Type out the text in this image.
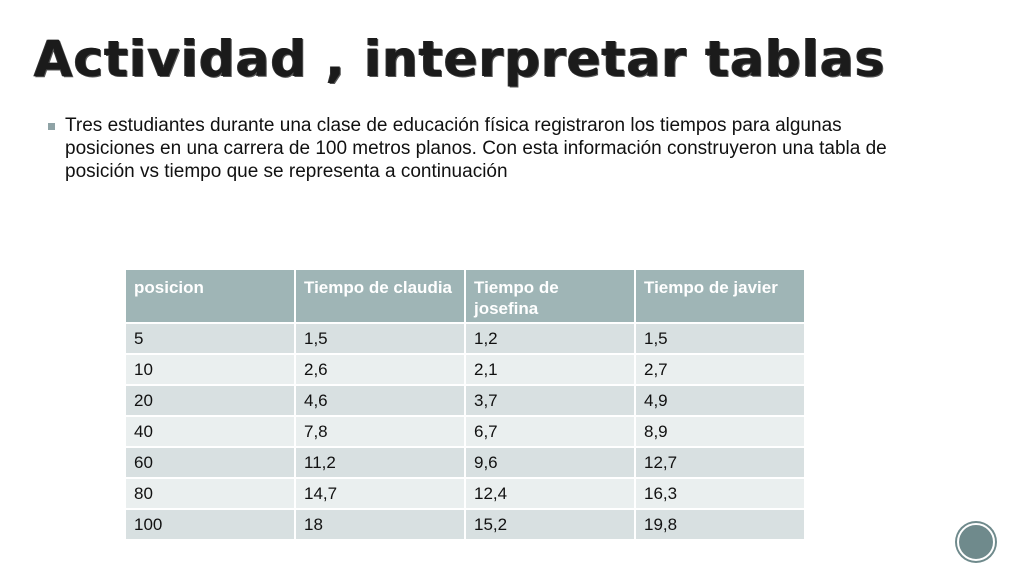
Actividad , interpretar tablas
Tres estudiantes durante una clase de educación física registraron los tiempos para algunas posiciones en una carrera de 100 metros planos. Con esta información construyeron una tabla de posición vs tiempo que se representa a continuación
posicion	Tiempo de claudia	Tiempo de josefina	Tiempo de javier
5	1,5	1,2	1,5
10	2,6	2,1	2,7
20	4,6	3,7	4,9
40	7,8	6,7	8,9
60	11,2	9,6	12,7
80	14,7	12,4	16,3
100	18	15,2	19,8
